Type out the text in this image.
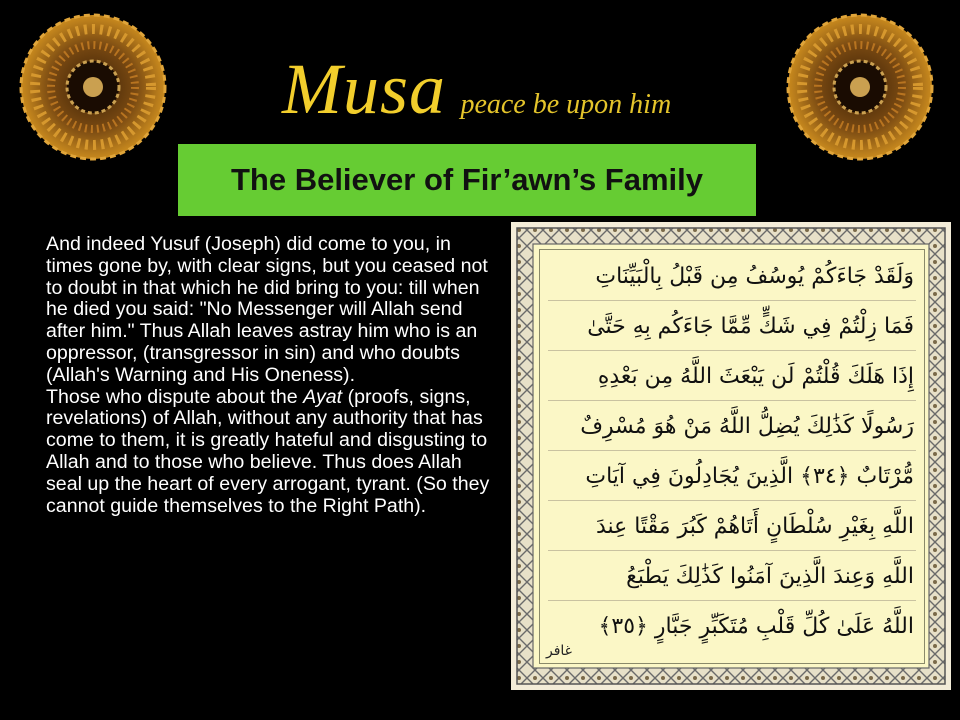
Musa peace be upon him
The Believer of Fir’awn’s Family

And indeed Yusuf (Joseph) did come to you, in times gone by, with clear signs, but you ceased not to doubt in that which he did bring to you: till when he died you said: "No Messenger will Allah send after him." Thus Allah leaves astray him who is an oppressor, (transgressor in sin) and who doubts (Allah's Warning and His Oneness).

Those who dispute about the Ayat (proofs, signs, revelations) of Allah, without any authority that has come to them, it is greatly hateful and disgusting to Allah and to those who believe. Thus does Allah seal up the heart of every arrogant, tyrant. (So they cannot guide themselves to the Right Path).

وَلَقَدْ جَاءَكُمْ يُوسُفُ مِن قَبْلُ بِالْبَيِّنَاتِ
فَمَا زِلْتُمْ فِي شَكٍّ مِّمَّا جَاءَكُم بِهِ حَتَّىٰ
إِذَا هَلَكَ قُلْتُمْ لَن يَبْعَثَ اللَّهُ مِن بَعْدِهِ
رَسُولًا كَذَٰلِكَ يُضِلُّ اللَّهُ مَنْ هُوَ مُسْرِفٌ
مُّرْتَابٌ ﴿٣٤﴾ الَّذِينَ يُجَادِلُونَ فِي آيَاتِ
اللَّهِ بِغَيْرِ سُلْطَانٍ أَتَاهُمْ كَبُرَ مَقْتًا عِندَ
اللَّهِ وَعِندَ الَّذِينَ آمَنُوا كَذَٰلِكَ يَطْبَعُ
اللَّهُ عَلَىٰ كُلِّ قَلْبِ مُتَكَبِّرٍ جَبَّارٍ ﴿٣٥﴾
غافر
